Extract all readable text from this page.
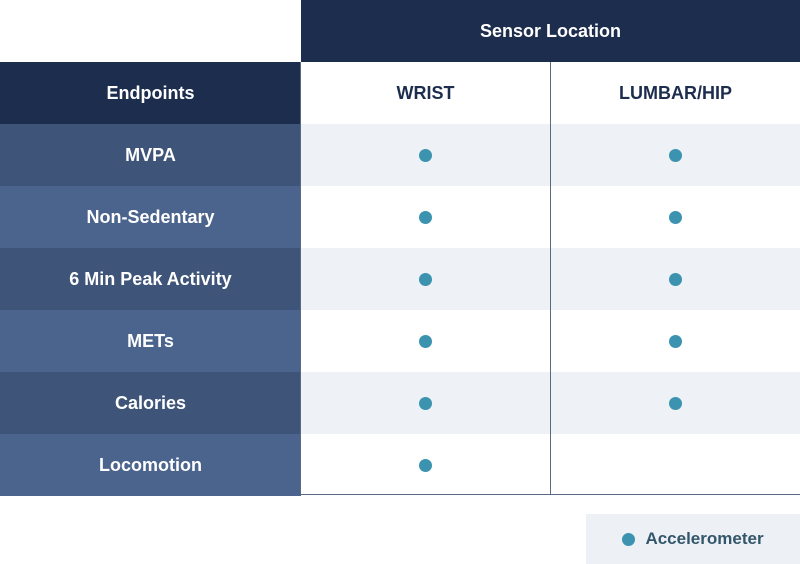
Sensor Location
Endpoints	WRIST	LUMBAR/HIP
MVPA
Non-Sedentary
6 Min Peak Activity
METs
Calories
Locomotion
Accelerometer
